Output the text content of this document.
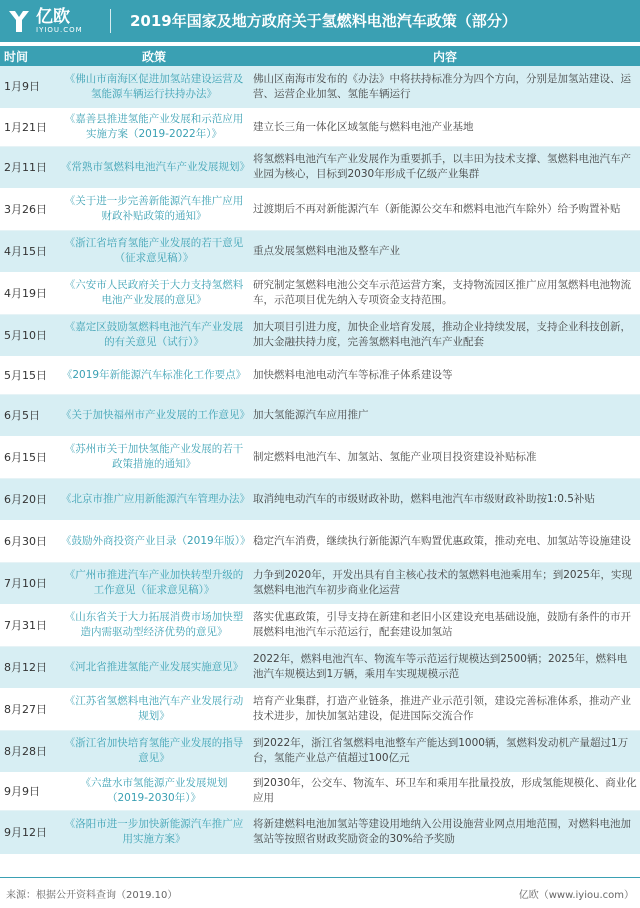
亿欧
IYIOU.COM	2019年国家及地方政府关于氢燃料电池汽车政策（部分）
时间	政策	内容
1月9日	《佛山市南海区促进加氢站建设运营及氢能源车辆运行扶持办法》	佛山区南海市发布的《办法》中将扶持标准分为四个方向，分别是加氢站建设、运营、运营企业加氢、氢能车辆运行
1月21日	《嘉善县推进氢能产业发展和示范应用实施方案（2019-2022年）》	建立长三角一体化区域氢能与燃料电池产业基地
2月11日	《常熟市氢燃料电池汽车产业发展规划》	将氢燃料电池汽车产业发展作为重要抓手，以丰田为技术支撑、氢燃料电池汽车产业园为核心，目标到2030年形成千亿级产业集群
3月26日	《关于进一步完善新能源汽车推广应用财政补贴政策的通知》	过渡期后不再对新能源汽车（新能源公交车和燃料电池汽车除外）给予购置补贴
4月15日	《浙江省培育氢能产业发展的若干意见（征求意见稿）》	重点发展氢燃料电池及整车产业
4月19日	《六安市人民政府关于大力支持氢燃料电池产业发展的意见》	研究制定氢燃料电池公交车示范运营方案，支持物流园区推广应用氢燃料电池物流车，示范项目优先纳入专项资金支持范围。
5月10日	《嘉定区鼓励氢燃料电池汽车产业发展的有关意见（试行）》	加大项目引进力度，加快企业培育发展，推动企业持续发展，支持企业科技创新，加大金融扶持力度，完善氢燃料电池汽车产业配套
5月15日	《2019年新能源汽车标准化工作要点》	加快燃料电池电动汽车等标准子体系建设等
6月5日	《关于加快福州市产业发展的工作意见》	加大氢能源汽车应用推广
6月15日	《苏州市关于加快氢能产业发展的若干政策措施的通知》	制定燃料电池汽车、加氢站、氢能产业项目投资建设补贴标准
6月20日	《北京市推广应用新能源汽车管理办法》	取消纯电动汽车的市级财政补助，燃料电池汽车市级财政补助按1:0.5补贴
6月30日	《鼓励外商投资产业目录（2019年版）》	稳定汽车消费，继续执行新能源汽车购置优惠政策，推动充电、加氢站等设施建设
7月10日	《广州市推进汽车产业加快转型升级的工作意见（征求意见稿）》	力争到2020年，开发出具有自主核心技术的氢燃料电池乘用车；到2025年，实现氢燃料电池汽车初步商业化运营
7月31日	《山东省关于大力拓展消费市场加快塑造内需驱动型经济优势的意见》	落实优惠政策，引导支持在新建和老旧小区建设充电基础设施，鼓励有条件的市开展燃料电池汽车示范运行，配套建设加氢站
8月12日	《河北省推进氢能产业发展实施意见》	2022年，燃料电池汽车、物流车等示范运行规模达到2500辆；2025年，燃料电池汽车规模达到1万辆，乘用车实现规模示范
8月27日	《江苏省氢燃料电池汽车产业发展行动规划》	培育产业集群，打造产业链条，推进产业示范引领，建设完善标准体系，推动产业技术进步，加快加氢站建设，促进国际交流合作
8月28日	《浙江省加快培育氢能产业发展的指导意见》	到2022年，浙江省氢燃料电池整车产能达到1000辆，氢燃料发动机产量超过1万台，氢能产业总产值超过100亿元
9月9日	《六盘水市氢能源产业发展规划（2019-2030年）》	到2030年，公交车、物流车、环卫车和乘用车批量投放，形成氢能规模化、商业化应用
9月12日	《洛阳市进一步加快新能源汽车推广应用实施方案》	将新建燃料电池加氢站等建设用地纳入公用设施营业网点用地范围，对燃料电池加氢站等按照省财政奖励资金的30%给予奖励
来源：根据公开资料查询（2019.10）	亿欧（www.iyiou.com）
